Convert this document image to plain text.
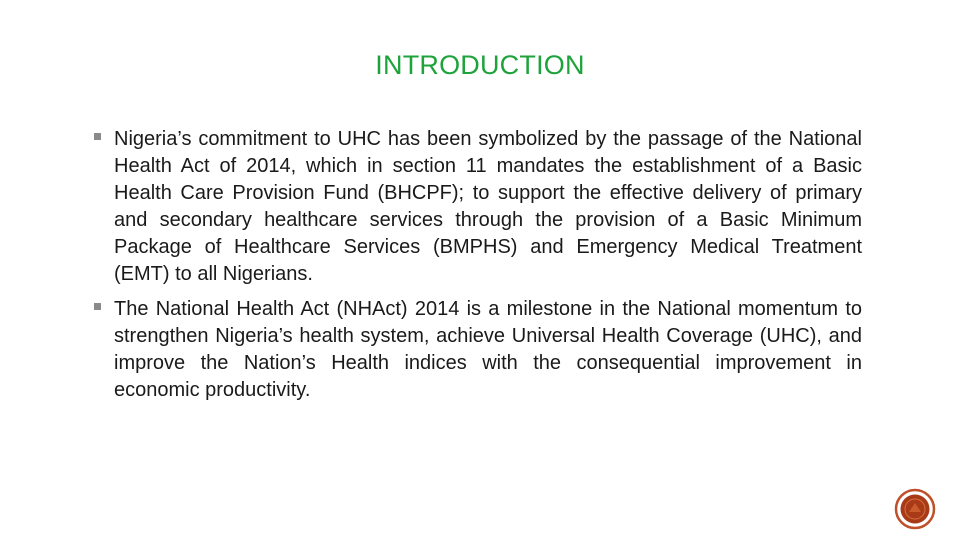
INTRODUCTION
Nigeria’s commitment to UHC has been symbolized by the passage of the National Health Act of 2014, which in section 11 mandates the establishment of a Basic Health Care Provision Fund (BHCPF); to support the effective delivery of primary and secondary healthcare services through the provision of a Basic Minimum Package of Healthcare Services (BMPHS) and Emergency Medical Treatment (EMT) to all Nigerians.
The National Health Act (NHAct) 2014 is a milestone in the National momentum to strengthen Nigeria’s health system, achieve Universal Health Coverage (UHC), and improve the Nation’s Health indices with the consequential improvement in economic productivity.
